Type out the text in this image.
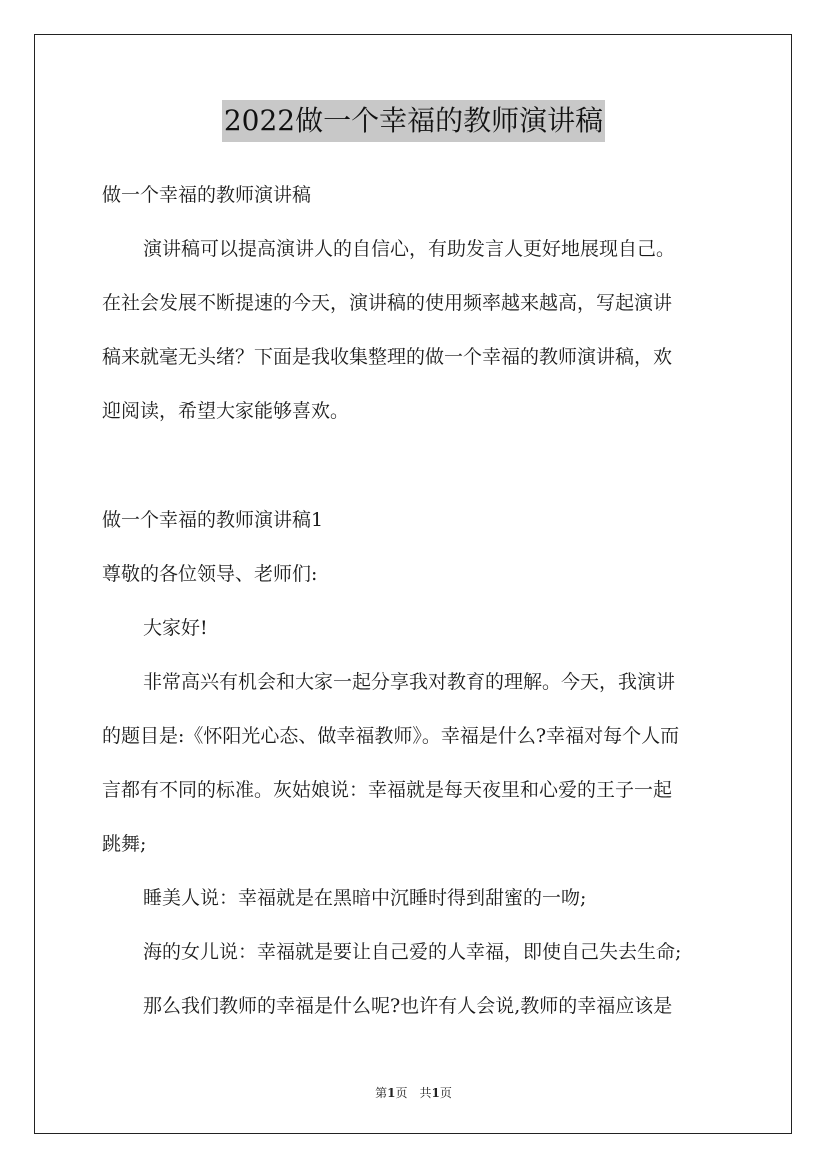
2022做一个幸福的教师演讲稿
做一个幸福的教师演讲稿
演讲稿可以提高演讲人的自信心，有助发言人更好地展现自己。
在社会发展不断提速的今天，演讲稿的使用频率越来越高，写起演讲
稿来就毫无头绪？下面是我收集整理的做一个幸福的教师演讲稿，欢
迎阅读，希望大家能够喜欢。
做一个幸福的教师演讲稿1
尊敬的各位领导、老师们:
大家好!
非常高兴有机会和大家一起分享我对教育的理解。今天，我演讲
的题目是:《怀阳光心态、做幸福教师》。幸福是什么?幸福对每个人而
言都有不同的标准。灰姑娘说：幸福就是每天夜里和心爱的王子一起
跳舞;
睡美人说：幸福就是在黑暗中沉睡时得到甜蜜的一吻;
海的女儿说：幸福就是要让自己爱的人幸福，即使自己失去生命;
那么我们教师的幸福是什么呢?也许有人会说,教师的幸福应该是
第1页　共1页
